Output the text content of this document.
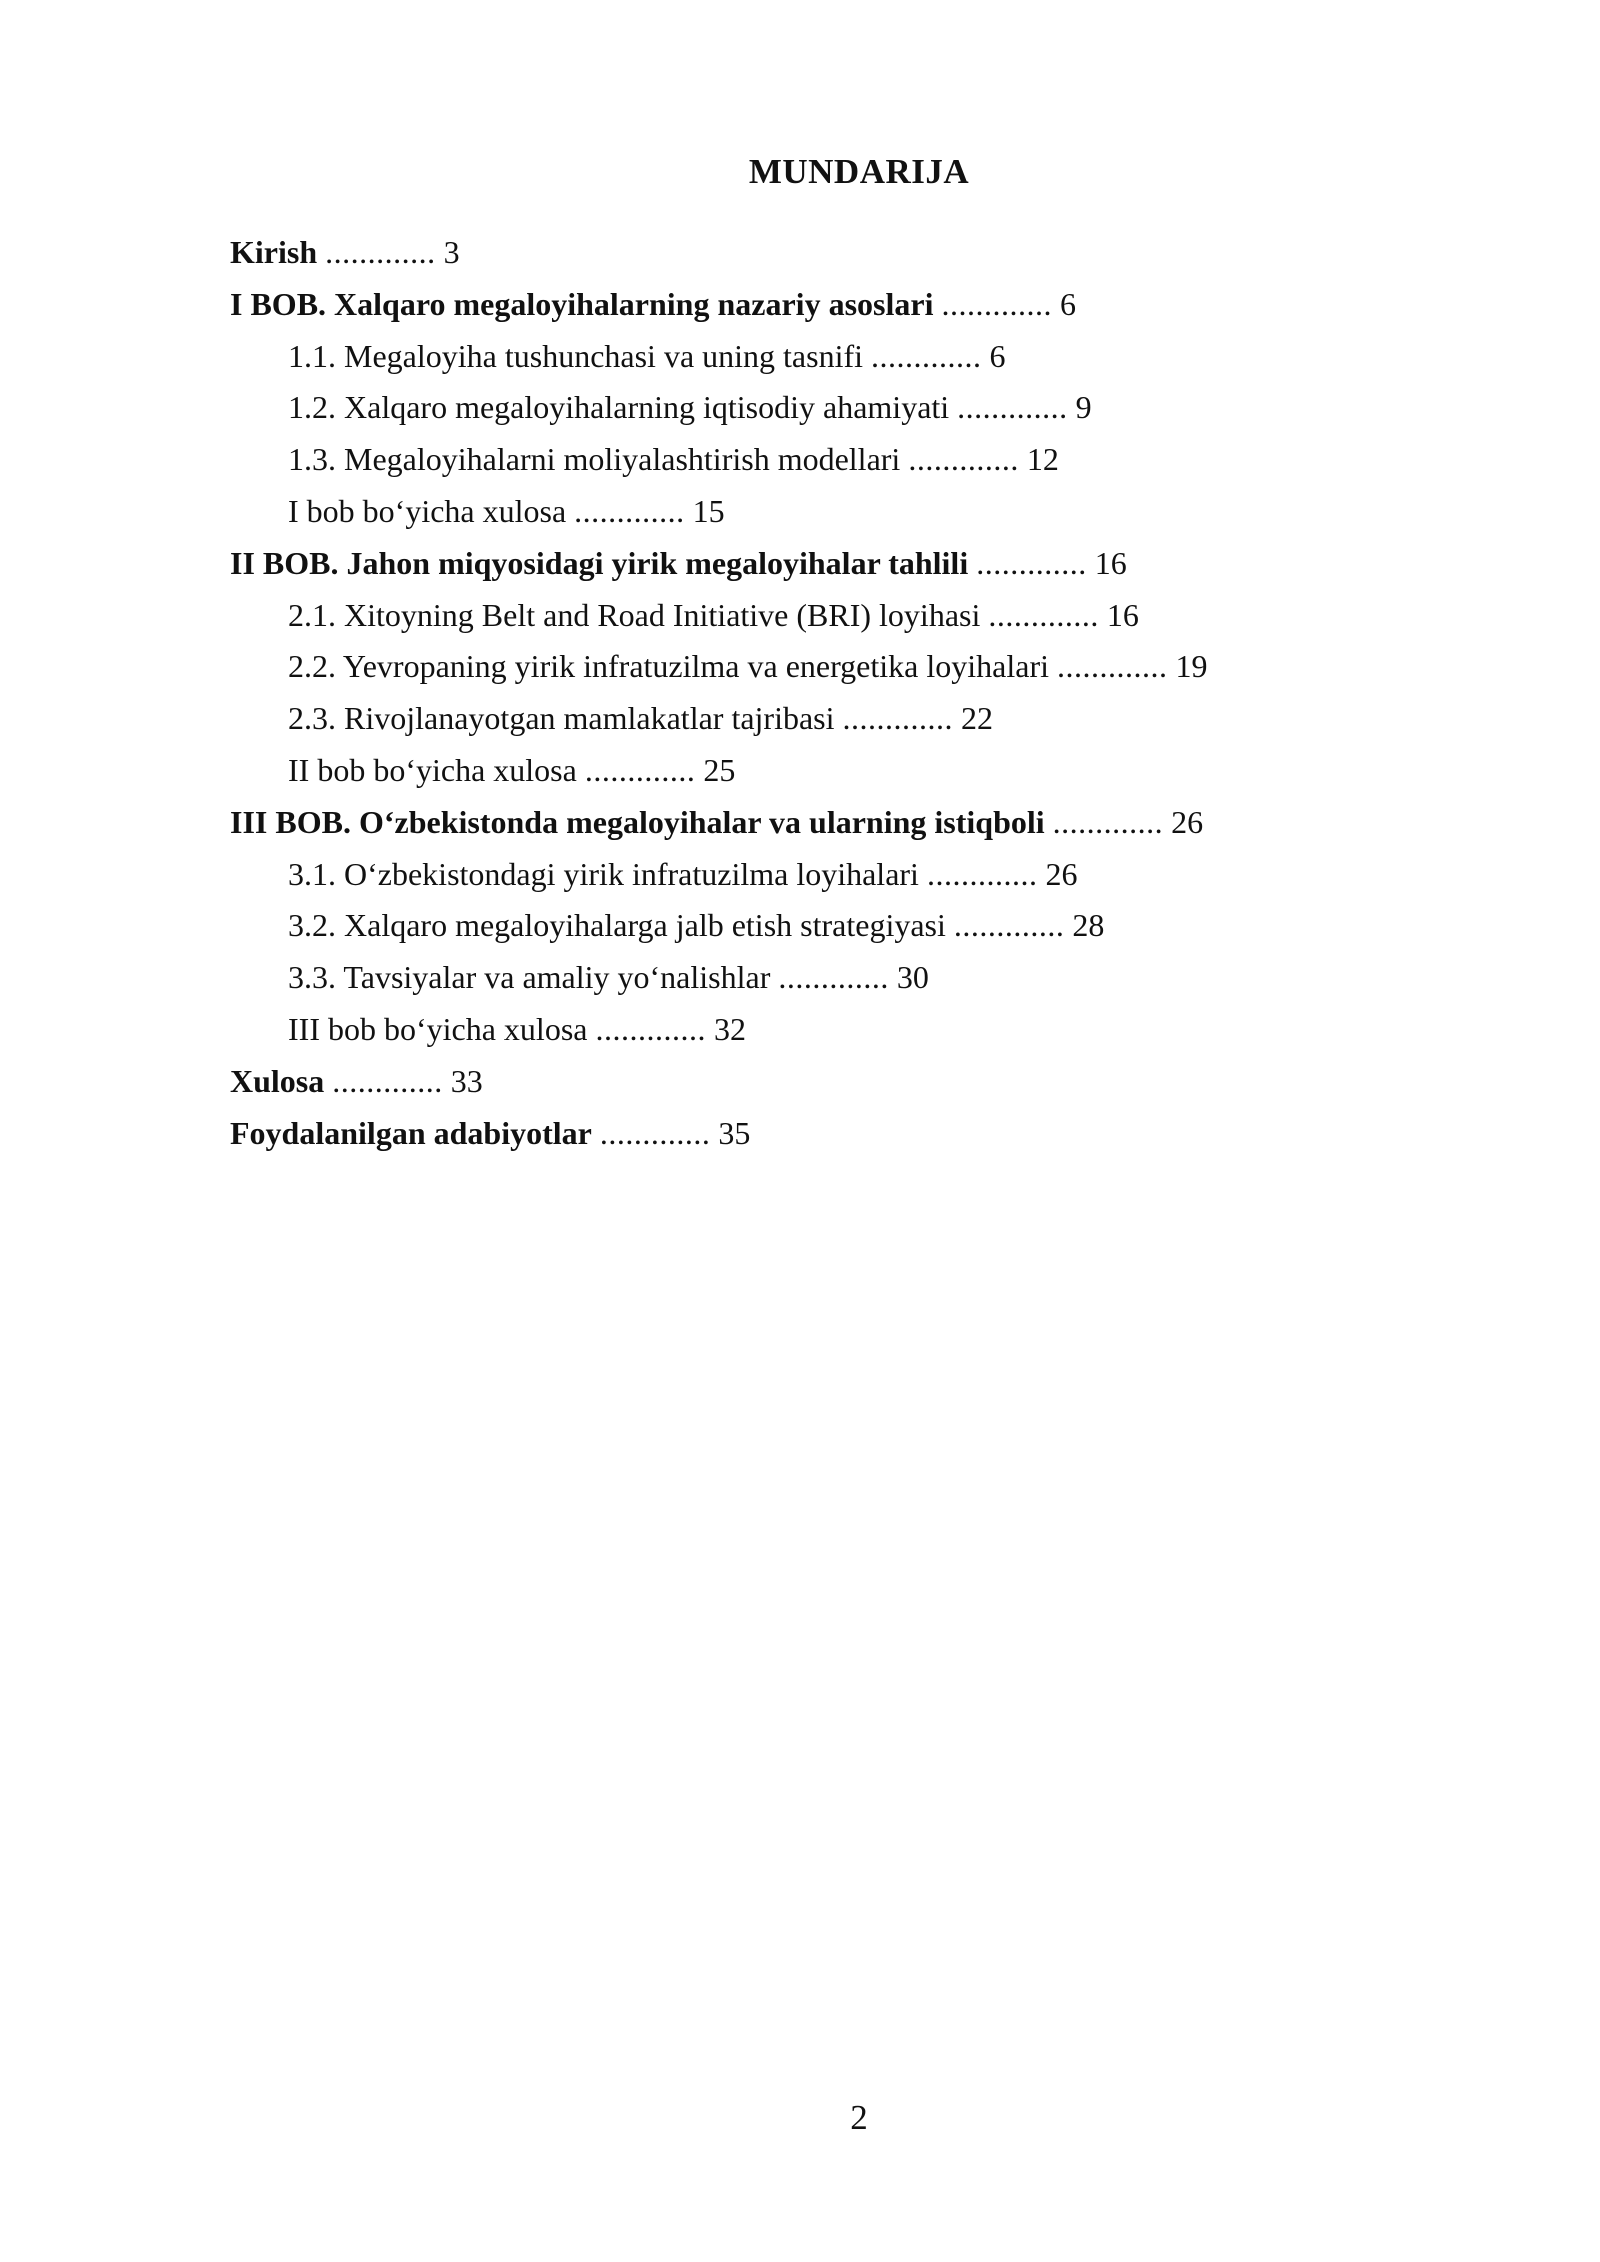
MUNDARIJA
Kirish ............. 3
I BOB. Xalqaro megaloyihalarning nazariy asoslari ............. 6
1.1. Megaloyiha tushunchasi va uning tasnifi ............. 6
1.2. Xalqaro megaloyihalarning iqtisodiy ahamiyati ............. 9
1.3. Megaloyihalarni moliyalashtirish modellari ............. 12
I bob bo‘yicha xulosa ............. 15
II BOB. Jahon miqyosidagi yirik megaloyihalar tahlili ............. 16
2.1. Xitoyning Belt and Road Initiative (BRI) loyihasi ............. 16
2.2. Yevropaning yirik infratuzilma va energetika loyihalari ............. 19
2.3. Rivojlanayotgan mamlakatlar tajribasi ............. 22
II bob bo‘yicha xulosa ............. 25
III BOB. O‘zbekistonda megaloyihalar va ularning istiqboli ............. 26
3.1. O‘zbekistondagi yirik infratuzilma loyihalari ............. 26
3.2. Xalqaro megaloyihalarga jalb etish strategiyasi ............. 28
3.3. Tavsiyalar va amaliy yo‘nalishlar ............. 30
III bob bo‘yicha xulosa ............. 32
Xulosa ............. 33
Foydalanilgan adabiyotlar ............. 35
2
